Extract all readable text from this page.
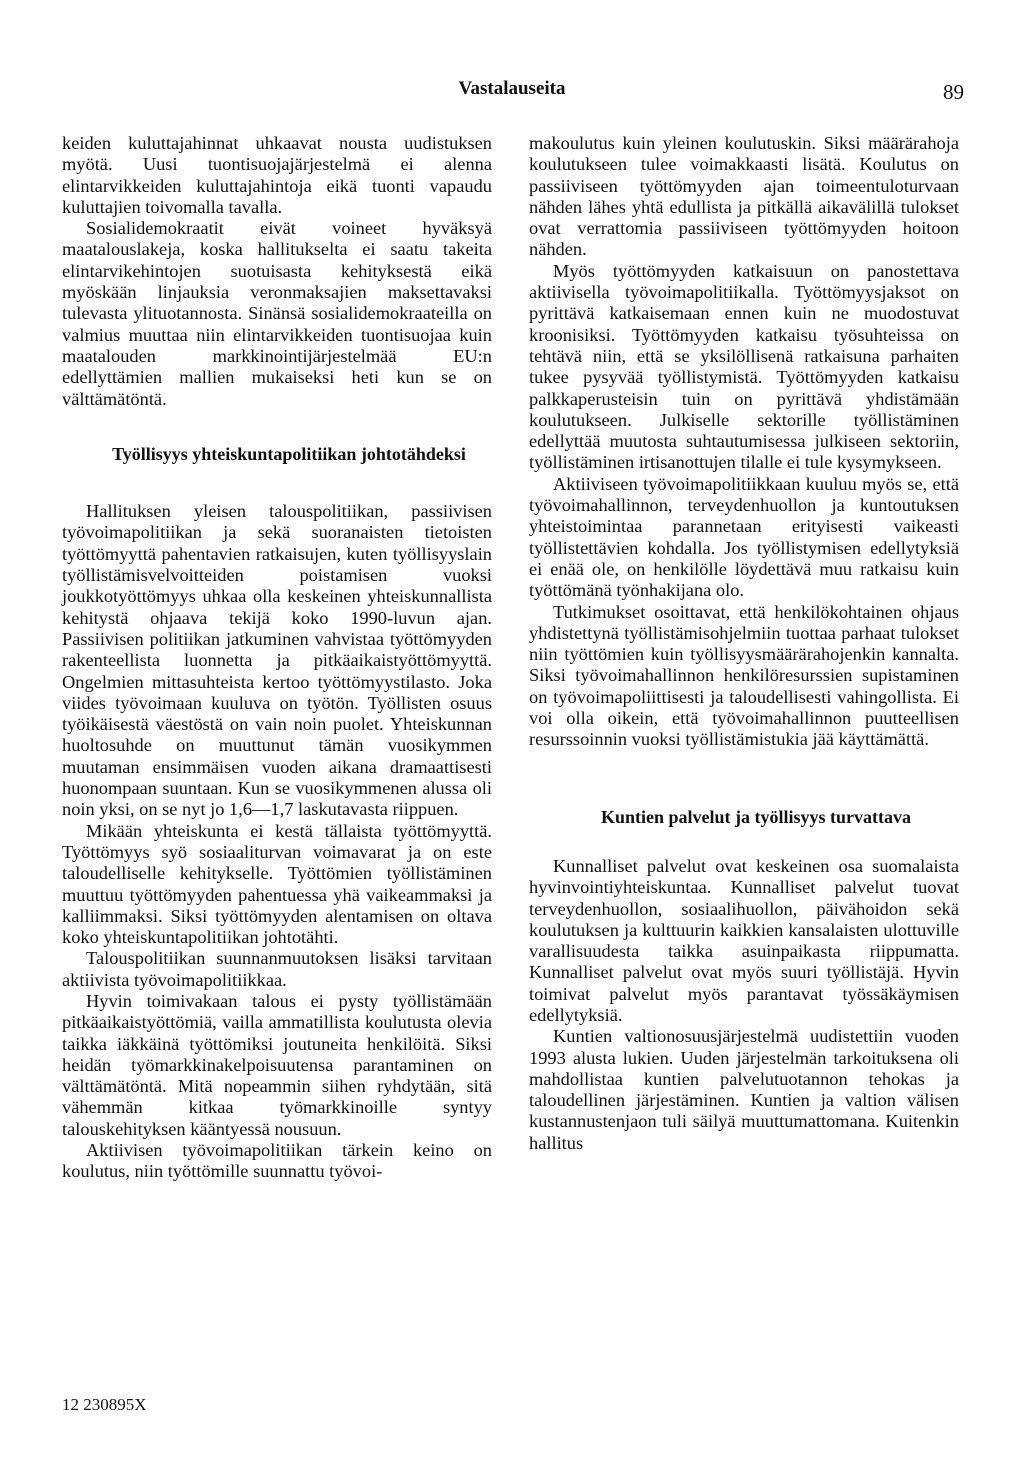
Vastalauseita	89

keiden kuluttajahinnat uhkaavat nousta uudistuksen myötä. Uusi tuontisuojajärjestelmä ei alenna elintarvikkeiden kuluttajahintoja eikä tuonti vapaudu kuluttajien toivomalla tavalla.

Sosialidemokraatit eivät voineet hyväksyä maatalouslakeja, koska hallitukselta ei saatu takeita elintarvikehintojen suotuisasta kehityksestä eikä myöskään linjauksia veronmaksajien maksettavaksi tulevasta ylituotannosta. Sinänsä sosialidemokraateilla on valmius muuttaa niin elintarvikkeiden tuontisuojaa kuin maatalouden markkinointijärjestelmää EU:n edellyttämien mallien mukaiseksi heti kun se on välttämätöntä.

Työllisyys yhteiskuntapolitiikan johtotähdeksi

Hallituksen yleisen talouspolitiikan, passiivisen työvoimapolitiikan ja sekä suoranaisten tietoisten työttömyyttä pahentavien ratkaisujen, kuten työllisyyslain työllistämisvelvoitteiden poistamisen vuoksi joukkotyöttömyys uhkaa olla keskeinen yhteiskunnallista kehitystä ohjaava tekijä koko 1990-luvun ajan. Passiivisen politiikan jatkuminen vahvistaa työttömyyden rakenteellista luonnetta ja pitkäaikaistyöttömyyttä. Ongelmien mittasuhteista kertoo työttömyystilasto. Joka viides työvoimaan kuuluva on työtön. Työllisten osuus työikäisestä väestöstä on vain noin puolet. Yhteiskunnan huoltosuhde on muuttunut tämän vuosikymmen muutaman ensimmäisen vuoden aikana dramaattisesti huonompaan suuntaan. Kun se vuosikymmenen alussa oli noin yksi, on se nyt jo 1,6—1,7 laskutavasta riippuen.

Mikään yhteiskunta ei kestä tällaista työttömyyttä. Työttömyys syö sosiaaliturvan voimavarat ja on este taloudelliselle kehitykselle. Työttömien työllistäminen muuttuu työttömyyden pahentuessa yhä vaikeammaksi ja kalliimmaksi. Siksi työttömyyden alentamisen on oltava koko yhteiskuntapolitiikan johtotähti.

Talouspolitiikan suunnanmuutoksen lisäksi tarvitaan aktiivista työvoimapolitiikkaa.

Hyvin toimivakaan talous ei pysty työllistämään pitkäaikaistyöttömiä, vailla ammatillista koulutusta olevia taikka iäkkäinä työttömiksi joutuneita henkilöitä. Siksi heidän työmarkkinakelpoisuutensa parantaminen on välttämätöntä. Mitä nopeammin siihen ryhdytään, sitä vähemmän kitkaa työmarkkinoille syntyy talouskehityksen kääntyessä nousuun.

Aktiivisen työvoimapolitiikan tärkein keino on koulutus, niin työttömille suunnattu työvoi-

makoulutus kuin yleinen koulutuskin. Siksi määrärahoja koulutukseen tulee voimakkaasti lisätä. Koulutus on passiiviseen työttömyyden ajan toimeentuloturvaan nähden lähes yhtä edullista ja pitkällä aikavälillä tulokset ovat verrattomia passiiviseen työttömyyden hoitoon nähden.

Myös työttömyyden katkaisuun on panostettava aktiivisella työvoimapolitiikalla. Työttömyysjaksot on pyrittävä katkaisemaan ennen kuin ne muodostuvat kroonisiksi. Työttömyyden katkaisu työsuhteissa on tehtävä niin, että se yksilöllisenä ratkaisuna parhaiten tukee pysyvää työllistymistä. Työttömyyden katkaisu palkkaperusteisin tuin on pyrittävä yhdistämään koulutukseen. Julkiselle sektorille työllistäminen edellyttää muutosta suhtautumisessa julkiseen sektoriin, työllistäminen irtisanottujen tilalle ei tule kysymykseen.

Aktiiviseen työvoimapolitiikkaan kuuluu myös se, että työvoimahallinnon, terveydenhuollon ja kuntoutuksen yhteistoimintaa parannetaan erityisesti vaikeasti työllistettävien kohdalla. Jos työllistymisen edellytyksiä ei enää ole, on henkilölle löydettävä muu ratkaisu kuin työttömänä työnhakijana olo.

Tutkimukset osoittavat, että henkilökohtainen ohjaus yhdistettynä työllistämisohjelmiin tuottaa parhaat tulokset niin työttömien kuin työllisyysmäärärahojenkin kannalta. Siksi työvoimahallinnon henkilöresurssien supistaminen on työvoimapoliittisesti ja taloudellisesti vahingollista. Ei voi olla oikein, että työvoimahallinnon puutteellisen resurssoinnin vuoksi työllistämistukia jää käyttämättä.

Kuntien palvelut ja työllisyys turvattava

Kunnalliset palvelut ovat keskeinen osa suomalaista hyvinvointiyhteiskuntaa. Kunnalliset palvelut tuovat terveydenhuollon, sosiaalihuollon, päivähoidon sekä koulutuksen ja kulttuurin kaikkien kansalaisten ulottuville varallisuudesta taikka asuinpaikasta riippumatta. Kunnalliset palvelut ovat myös suuri työllistäjä. Hyvin toimivat palvelut myös parantavat työssäkäymisen edellytyksiä.

Kuntien valtionosuusjärjestelmä uudistettiin vuoden 1993 alusta lukien. Uuden järjestelmän tarkoituksena oli mahdollistaa kuntien palvelutuotannon tehokas ja taloudellinen järjestäminen. Kuntien ja valtion välisen kustannustenjaon tuli säilyä muuttumattomana. Kuitenkin hallitus

12 230895X
